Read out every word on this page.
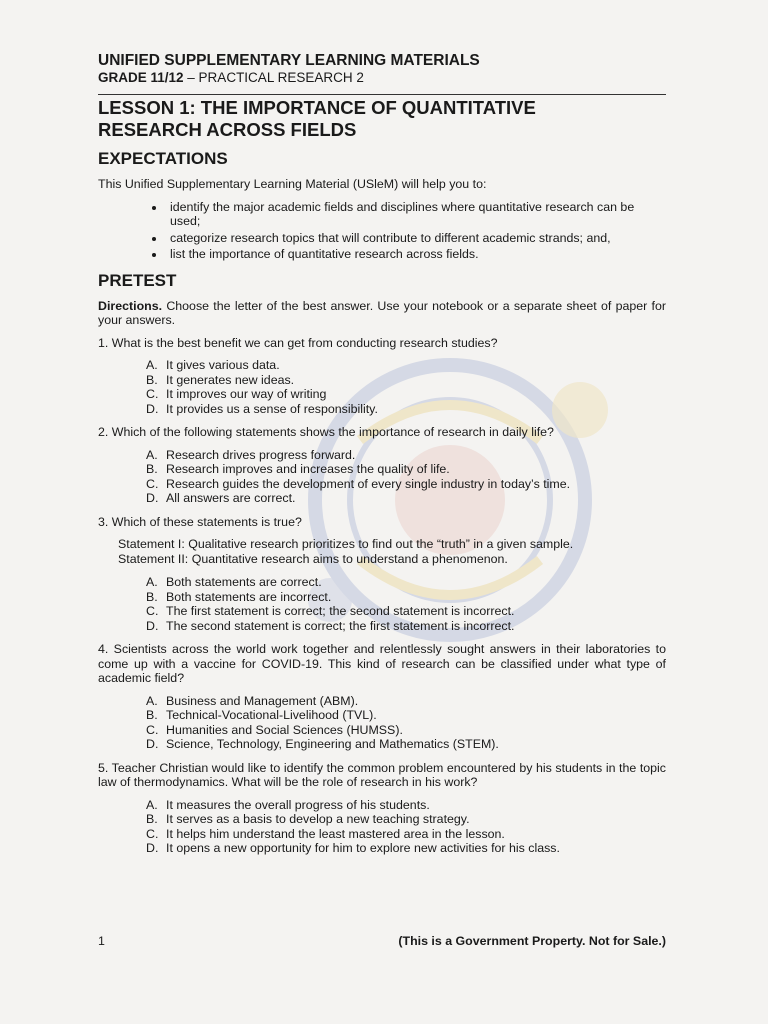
UNIFIED SUPPLEMENTARY LEARNING MATERIALS
GRADE 11/12 – PRACTICAL RESEARCH 2
LESSON 1: THE IMPORTANCE OF QUANTITATIVE
RESEARCH ACROSS FIELDS
EXPECTATIONS

This Unified Supplementary Learning Material (USleM) will help you to:

• identify the major academic fields and disciplines where quantitative research can be used;
• categorize research topics that will contribute to different academic strands; and,
• list the importance of quantitative research across fields.
PRETEST

Directions. Choose the letter of the best answer. Use your notebook or a separate sheet of paper for your answers.

1. What is the best benefit we can get from conducting research studies?

A. It gives various data.
B. It generates new ideas.
C. It improves our way of writing
D. It provides us a sense of responsibility.

2. Which of the following statements shows the importance of research in daily life?

A. Research drives progress forward.
B. Research improves and increases the quality of life.
C. Research guides the development of every single industry in today’s time.
D. All answers are correct.

3. Which of these statements is true?

Statement I: Qualitative research prioritizes to find out the “truth” in a given sample.

Statement II: Quantitative research aims to understand a phenomenon.

A. Both statements are correct.
B. Both statements are incorrect.
C. The first statement is correct; the second statement is incorrect.
D. The second statement is correct; the first statement is incorrect.

4. Scientists across the world work together and relentlessly sought answers in their laboratories to come up with a vaccine for COVID-19. This kind of research can be classified under what type of academic field?

A. Business and Management (ABM).
B. Technical-Vocational-Livelihood (TVL).
C. Humanities and Social Sciences (HUMSS).
D. Science, Technology, Engineering and Mathematics (STEM).

5. Teacher Christian would like to identify the common problem encountered by his students in the topic law of thermodynamics. What will be the role of research in his work?

A. It measures the overall progress of his students.
B. It serves as a basis to develop a new teaching strategy.
C. It helps him understand the least mastered area in the lesson.
D. It opens a new opportunity for him to explore new activities for his class.
1	(This is a Government Property. Not for Sale.)
